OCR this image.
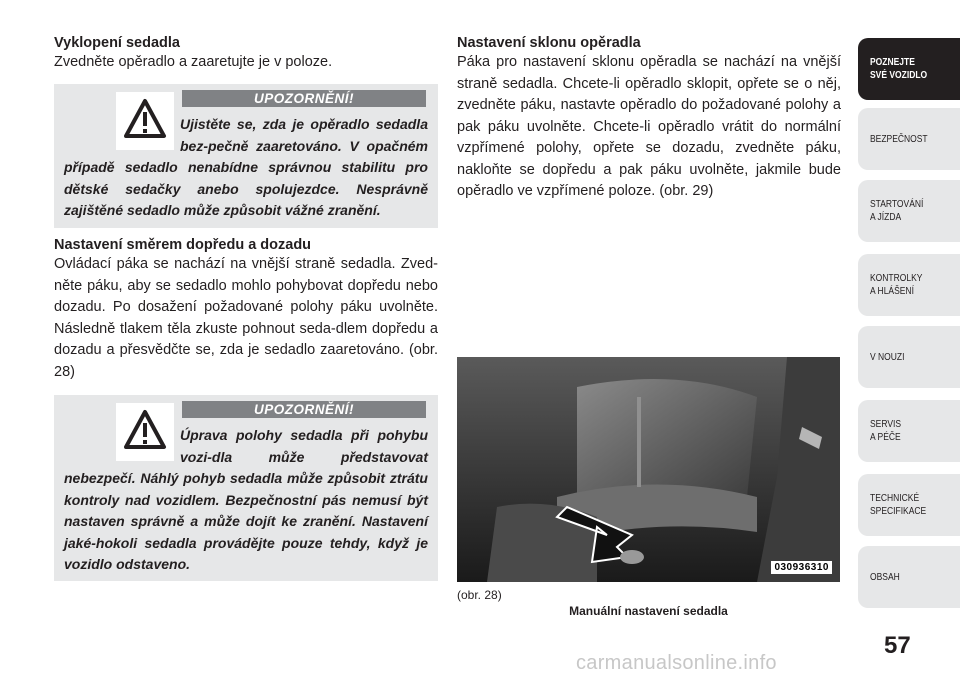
Vyklopení sedadla

Zvedněte opěradlo a zaaretujte je v poloze.

UPOZORNĚNÍ!
Ujistěte se, zda je opěradlo sedadla bez-pečně zaaretováno. V opačném případě sedadlo nenabídne správnou stabilitu pro dětské sedačky anebo spolujezdce. Nesprávně zajištěné sedadlo může způsobit vážné zranění.
Nastavení směrem dopředu a dozadu

Ovládací páka se nachází na vnější straně sedadla. Zved-něte páku, aby se sedadlo mohlo pohybovat dopředu nebo dozadu. Po dosažení požadované polohy páku uvolněte. Následně tlakem těla zkuste pohnout seda-dlem dopředu a dozadu a přesvědčte se, zda je sedadlo zaaretováno. (obr. 28)

UPOZORNĚNÍ!
Úprava polohy sedadla při pohybu vozi-dla může představovat nebezpečí. Náhlý pohyb sedadla může způsobit ztrátu kontroly nad vozidlem. Bezpečnostní pás nemusí být nastaven správně a může dojít ke zranění. Nastavení jaké-hokoli sedadla provádějte pouze tehdy, když je vozidlo odstaveno.
Nastavení sklonu opěradla

Páka pro nastavení sklonu opěradla se nachází na vnější straně sedadla. Chcete-li opěradlo sklopit, opřete se o něj, zvedněte páku, nastavte opěradlo do požadované polohy a pak páku uvolněte. Chcete-li opěradlo vrátit do normální vzpřímené polohy, opřete se dozadu, zvedněte páku, nakloňte se dopředu a pak páku uvolněte, jakmile bude opěradlo ve vzpřímené poloze. (obr. 29)

030936310
(obr. 28)
Manuální nastavení sedadla
POZNEJTE
SVÉ VOZIDLO
BEZPEČNOST
STARTOVÁNÍ
A JÍZDA
KONTROLKY
A HLÁŠENÍ
V NOUZI
SERVIS
A PÉČE
TECHNICKÉ
SPECIFIKACE
OBSAH
57
carmanualsonline.info
